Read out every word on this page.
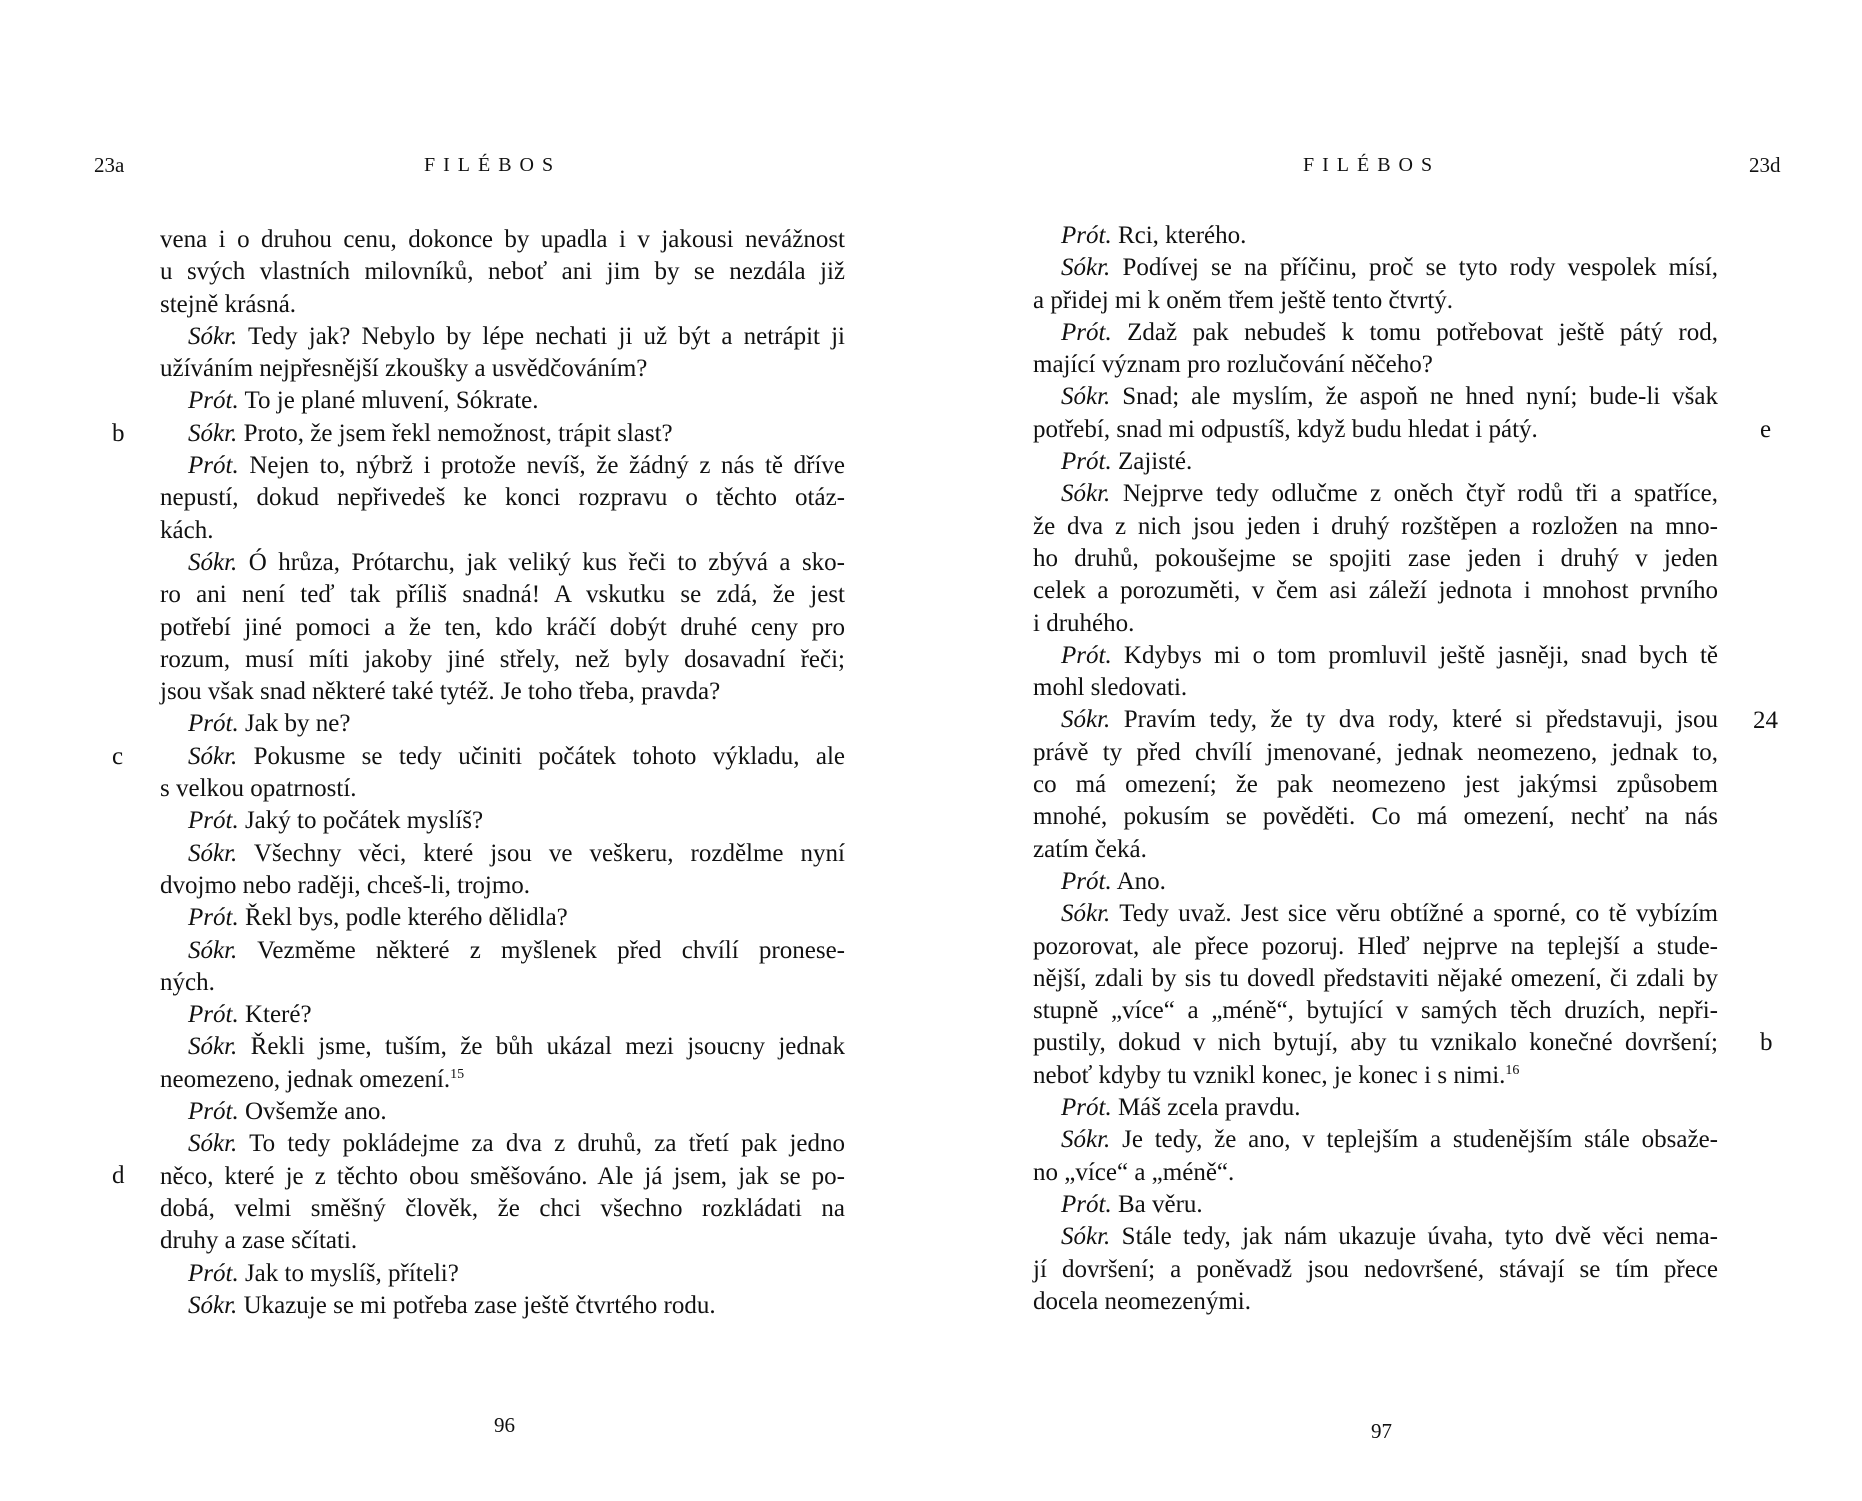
23a	FILÉBOS
b
c
d
vena i o druhou cenu, dokonce by upadla i v jakousi nevážnost
u svých vlastních milovníků, neboť ani jim by se nezdála již
stejně krásná.
Sókr. Tedy jak? Nebylo by lépe nechati ji už být a netrápit ji
užíváním nejpřesnější zkoušky a usvědčováním?
Prót. To je plané mluvení, Sókrate.
Sókr. Proto, že jsem řekl nemožnost, trápit slast?
Prót. Nejen to, nýbrž i protože nevíš, že žádný z nás tě dříve
nepustí, dokud nepřivedeš ke konci rozpravu o těchto otáz-
kách.
Sókr. Ó hrůza, Prótarchu, jak veliký kus řeči to zbývá a sko-
ro ani není teď tak příliš snadná! A vskutku se zdá, že jest
potřebí jiné pomoci a že ten, kdo kráčí dobýt druhé ceny pro
rozum, musí míti jakoby jiné střely, než byly dosavadní řeči;
jsou však snad některé také tytéž. Je toho třeba, pravda?
Prót. Jak by ne?
Sókr. Pokusme se tedy učiniti počátek tohoto výkladu, ale
s velkou opatrností.
Prót. Jaký to počátek myslíš?
Sókr. Všechny věci, které jsou ve veškeru, rozdělme nyní
dvojmo nebo raději, chceš-li, trojmo.
Prót. Řekl bys, podle kterého dělidla?
Sókr. Vezměme některé z myšlenek před chvílí pronese-
ných.
Prót. Které?
Sókr. Řekli jsme, tuším, že bůh ukázal mezi jsoucny jednak
neomezeno, jednak omezení.$^{15}$
Prót. Ovšemže ano.
Sókr. To tedy pokládejme za dva z druhů, za třetí pak jedno
něco, které je z těchto obou směšováno. Ale já jsem, jak se po-
dobá, velmi směšný člověk, že chci všechno rozkládati na
druhy a zase sčítati.
Prót. Jak to myslíš, příteli?
Sókr. Ukazuje se mi potřeba zase ještě čtvrtého rodu.
96
FILÉBOS	23d
e
24
b
Prót. Rci, kterého.
Sókr. Podívej se na příčinu, proč se tyto rody vespolek mísí,
a přidej mi k oněm třem ještě tento čtvrtý.
Prót. Zdaž pak nebudeš k tomu potřebovat ještě pátý rod,
mající význam pro rozlučování něčeho?
Sókr. Snad; ale myslím, že aspoň ne hned nyní; bude-li však
potřebí, snad mi odpustíš, když budu hledat i pátý.
Prót. Zajisté.
Sókr. Nejprve tedy odlučme z oněch čtyř rodů tři a spatříce,
že dva z nich jsou jeden i druhý rozštěpen a rozložen na mno-
ho druhů, pokoušejme se spojiti zase jeden i druhý v jeden
celek a porozuměti, v čem asi záleží jednota i mnohost prvního
i druhého.
Prót. Kdybys mi o tom promluvil ještě jasněji, snad bych tě
mohl sledovati.
Sókr. Pravím tedy, že ty dva rody, které si představuji, jsou
právě ty před chvílí jmenované, jednak neomezeno, jednak to,
co má omezení; že pak neomezeno jest jakýmsi způsobem
mnohé, pokusím se pověděti. Co má omezení, nechť na nás
zatím čeká.
Prót. Ano.
Sókr. Tedy uvaž. Jest sice věru obtížné a sporné, co tě vybízím
pozorovat, ale přece pozoruj. Hleď nejprve na teplejší a stude-
nější, zdali by sis tu dovedl představiti nějaké omezení, či zdali by
stupně „více“ a „méně“, bytující v samých těch druzích, nepři-
pustily, dokud v nich bytují, aby tu vznikalo konečné dovršení;
neboť kdyby tu vznikl konec, je konec i s nimi.$^{16}$
Prót. Máš zcela pravdu.
Sókr. Je tedy, že ano, v teplejším a studenějším stále obsaže-
no „více“ a „méně“.
Prót. Ba věru.
Sókr. Stále tedy, jak nám ukazuje úvaha, tyto dvě věci nema-
jí dovršení; a poněvadž jsou nedovršené, stávají se tím přece
docela neomezenými.
97
